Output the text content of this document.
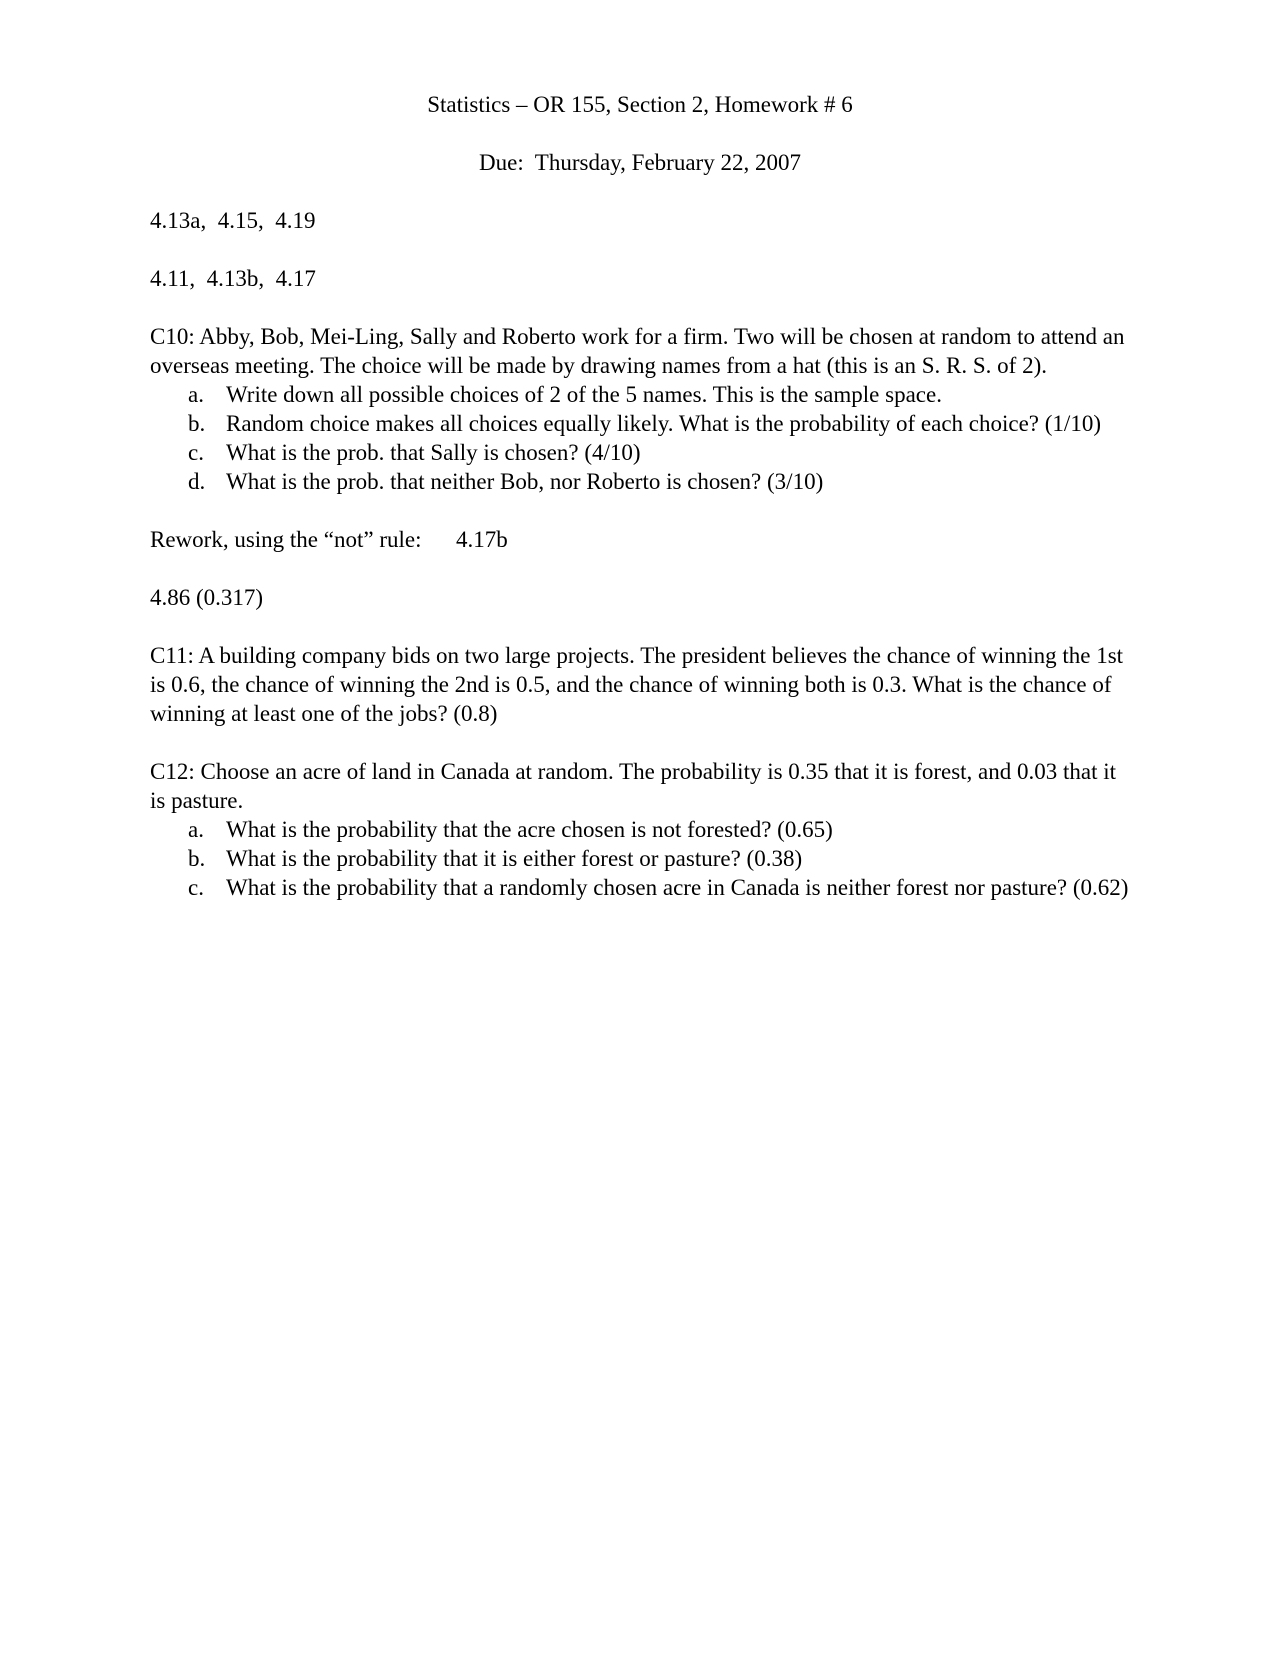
Statistics – OR 155, Section 2, Homework # 6
Due:  Thursday, February 22, 2007

4.13a,  4.15,  4.19

4.11,  4.13b,  4.17

C10: Abby, Bob, Mei-Ling, Sally and Roberto work for a firm. Two will be chosen at random to attend an overseas meeting. The choice will be made by drawing names from a hat (this is an S. R. S. of 2).

a. Write down all possible choices of 2 of the 5 names. This is the sample space.
b. Random choice makes all choices equally likely. What is the probability of each choice? (1/10)
c. What is the prob. that Sally is chosen? (4/10)
d. What is the prob. that neither Bob, nor Roberto is chosen? (3/10)

Rework, using the “not” rule:      4.17b

4.86 (0.317)

C11: A building company bids on two large projects. The president believes the chance of winning the 1st is 0.6, the chance of winning the 2nd is 0.5, and the chance of winning both is 0.3. What is the chance of winning at least one of the jobs? (0.8)

C12: Choose an acre of land in Canada at random. The probability is 0.35 that it is forest, and 0.03 that it is pasture.

a. What is the probability that the acre chosen is not forested? (0.65)
b. What is the probability that it is either forest or pasture? (0.38)
c. What is the probability that a randomly chosen acre in Canada is neither forest nor pasture? (0.62)
